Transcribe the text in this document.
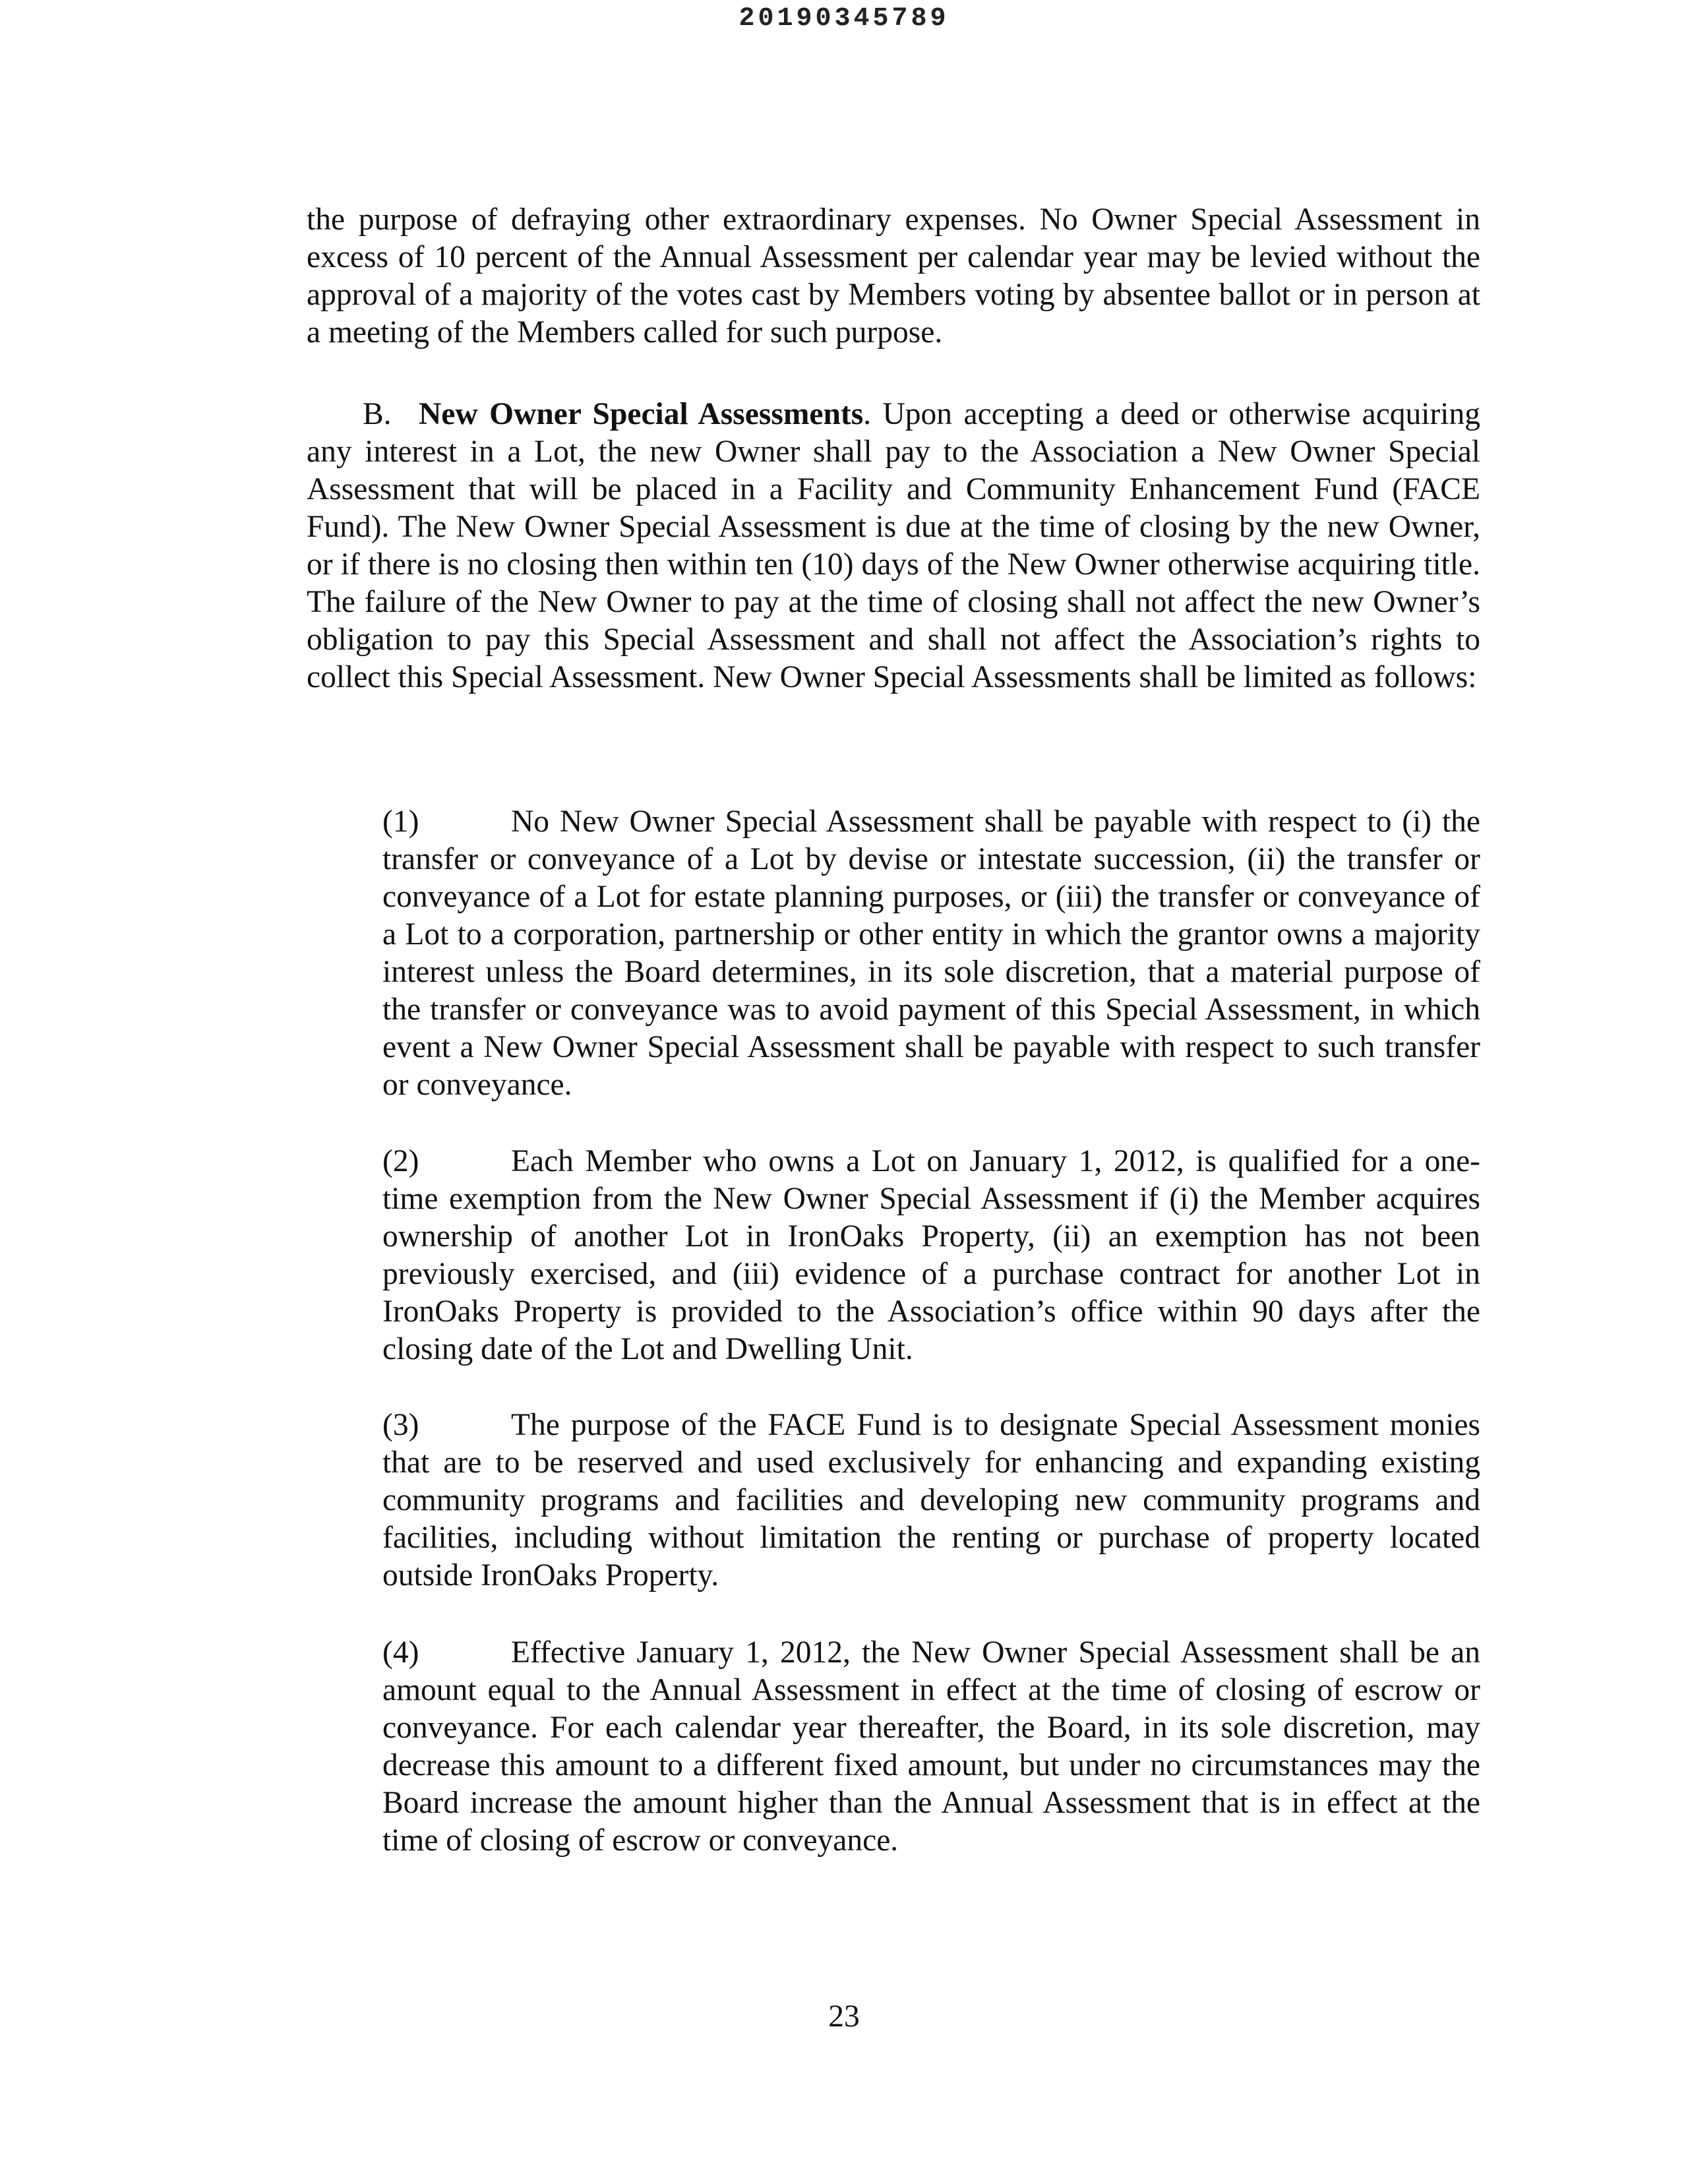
20190345789

the purpose of defraying other extraordinary expenses. No Owner Special Assessment in excess of 10 percent of the Annual Assessment per calendar year may be levied without the approval of a majority of the votes cast by Members voting by absentee ballot or in person at a meeting of the Members called for such purpose.

B. New Owner Special Assessments. Upon accepting a deed or otherwise acquiring any interest in a Lot, the new Owner shall pay to the Association a New Owner Special Assessment that will be placed in a Facility and Community Enhancement Fund (FACE Fund). The New Owner Special Assessment is due at the time of closing by the new Owner, or if there is no closing then within ten (10) days of the New Owner otherwise acquiring title. The failure of the New Owner to pay at the time of closing shall not affect the new Owner’s obligation to pay this Special Assessment and shall not affect the Association’s rights to collect this Special Assessment. New Owner Special Assessments shall be limited as follows:

(1)	No New Owner Special Assessment shall be payable with respect to (i) the transfer or conveyance of a Lot by devise or intestate succession, (ii) the transfer or conveyance of a Lot for estate planning purposes, or (iii) the transfer or conveyance of a Lot to a corporation, partnership or other entity in which the grantor owns a majority interest unless the Board determines, in its sole discretion, that a material purpose of the transfer or conveyance was to avoid payment of this Special Assessment, in which event a New Owner Special Assessment shall be payable with respect to such transfer or conveyance.

(2)	Each Member who owns a Lot on January 1, 2012, is qualified for a one-time exemption from the New Owner Special Assessment if (i) the Member acquires ownership of another Lot in IronOaks Property, (ii) an exemption has not been previously exercised, and (iii) evidence of a purchase contract for another Lot in IronOaks Property is provided to the Association’s office within 90 days after the closing date of the Lot and Dwelling Unit.

(3)	The purpose of the FACE Fund is to designate Special Assessment monies that are to be reserved and used exclusively for enhancing and expanding existing community programs and facilities and developing new community programs and facilities, including without limitation the renting or purchase of property located outside IronOaks Property.

(4)	Effective January 1, 2012, the New Owner Special Assessment shall be an amount equal to the Annual Assessment in effect at the time of closing of escrow or conveyance. For each calendar year thereafter, the Board, in its sole discretion, may decrease this amount to a different fixed amount, but under no circumstances may the Board increase the amount higher than the Annual Assessment that is in effect at the time of closing of escrow or conveyance.

23
